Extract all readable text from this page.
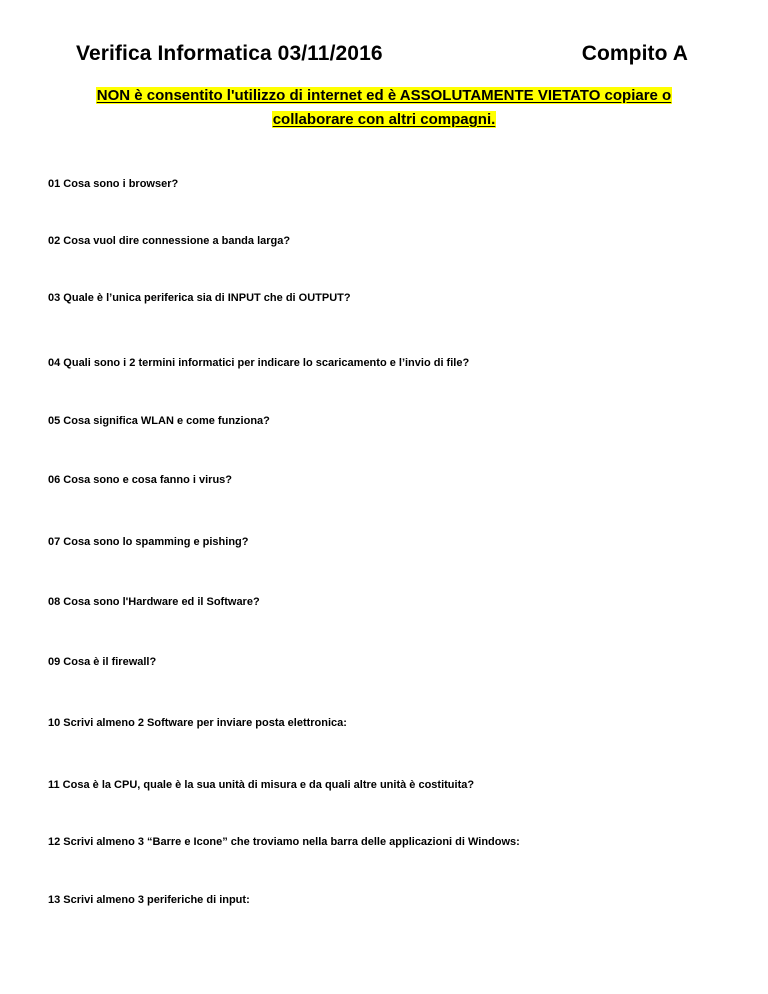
Verifica Informatica 03/11/2016	Compito A
NON è consentito l'utilizzo di internet ed è ASSOLUTAMENTE VIETATO copiare o
collaborare con altri compagni.
01 Cosa sono i browser?
02 Cosa vuol dire connessione a banda larga?
03 Quale è l’unica periferica sia di INPUT che di OUTPUT?
04 Quali sono i 2 termini informatici per indicare lo scaricamento e l’invio di file?
05 Cosa significa WLAN e come funziona?
06 Cosa sono e cosa fanno i virus?
07 Cosa sono lo spamming e pishing?
08 Cosa sono l'Hardware ed il Software?
09 Cosa è il firewall?
10 Scrivi almeno 2 Software per inviare posta elettronica:
11 Cosa è la CPU, quale è la sua unità di misura e da quali altre unità è costituita?
12 Scrivi almeno 3 “Barre e Icone” che troviamo nella barra delle applicazioni di Windows:
13 Scrivi almeno 3 periferiche di input:
